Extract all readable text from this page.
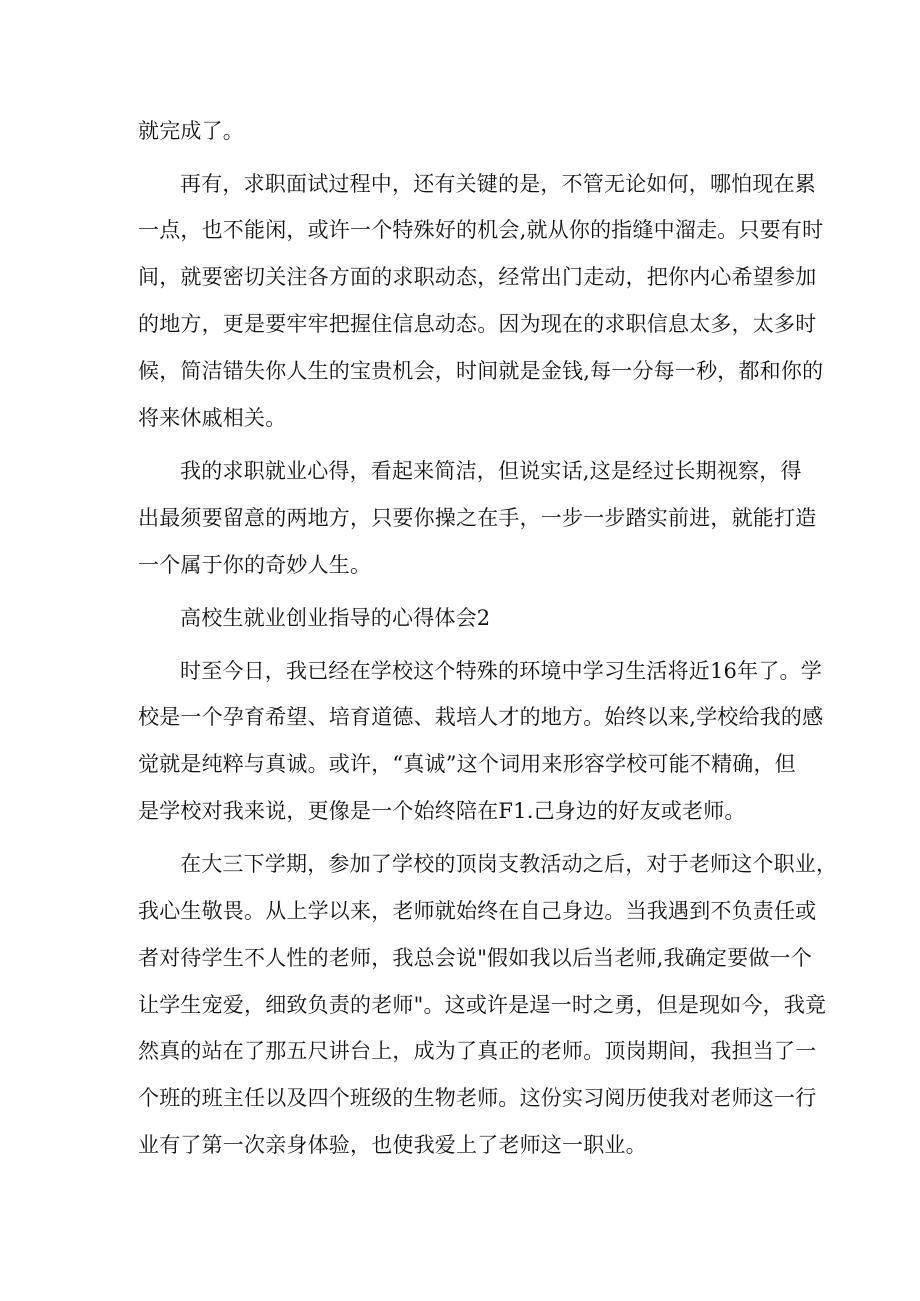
就完成了。
再有，求职面试过程中，还有关键的是，不管无论如何，哪怕现在累
一点，也不能闲，或许一个特殊好的机会,就从你的指缝中溜走。只要有时
间，就要密切关注各方面的求职动态，经常出门走动，把你内心希望参加
的地方，更是要牢牢把握住信息动态。因为现在的求职信息太多，太多时
候，简洁错失你人生的宝贵机会，时间就是金钱,每一分每一秒，都和你的
将来休戚相关。
我的求职就业心得，看起来简洁，但说实话,这是经过长期视察，得
出最须要留意的两地方，只要你操之在手，一步一步踏实前进，就能打造
一个属于你的奇妙人生。
高校生就业创业指导的心得体会2
时至今日，我已经在学校这个特殊的环境中学习生活将近16年了。学
校是一个孕育希望、培育道德、栽培人才的地方。始终以来,学校给我的感
觉就是纯粹与真诚。或许，“真诚”这个词用来形容学校可能不精确，但
是学校对我来说，更像是一个始终陪在F1.己身边的好友或老师。
在大三下学期，参加了学校的顶岗支教活动之后，对于老师这个职业，
我心生敬畏。从上学以来，老师就始终在自己身边。当我遇到不负责任或
者对待学生不人性的老师，我总会说"假如我以后当老师,我确定要做一个
让学生宠爱，细致负责的老师"。这或许是逞一时之勇，但是现如今，我竟
然真的站在了那五尺讲台上，成为了真正的老师。顶岗期间，我担当了一
个班的班主任以及四个班级的生物老师。这份实习阅历使我对老师这一行
业有了第一次亲身体验，也使我爱上了老师这一职业。
